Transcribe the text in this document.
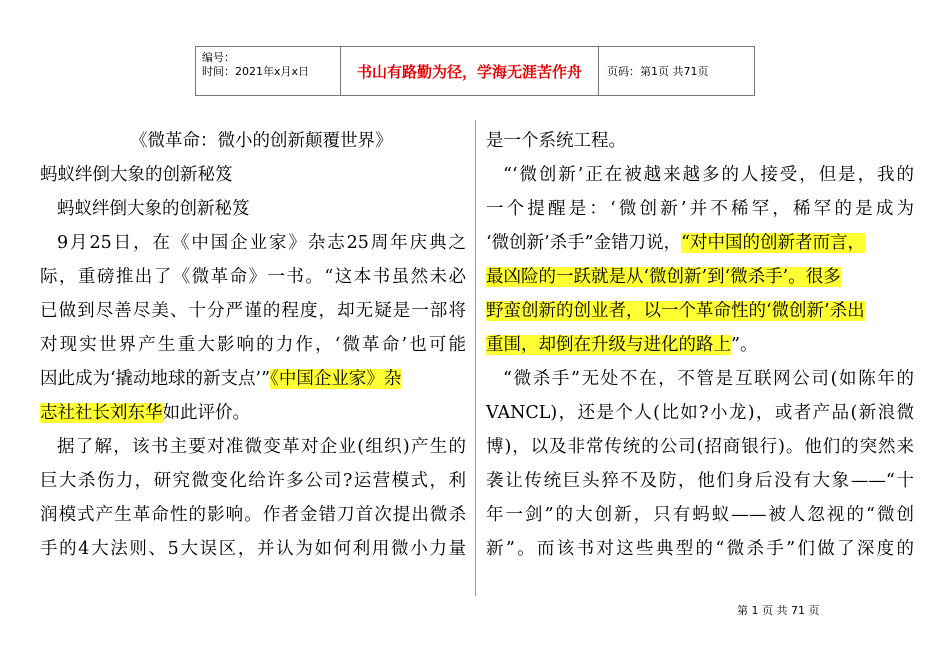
编号：
时间：2021年x月x日	书山有路勤为径，学海无涯苦作舟	页码：第1页 共71页
《微革命：微小的创新颠覆世界》
蚂蚁绊倒大象的创新秘笈
蚂蚁绊倒大象的创新秘笈
9月25日，在《中国企业家》杂志25周年庆典之
际，重磅推出了《微革命》一书。“这本书虽然未必
已做到尽善尽美、十分严谨的程度，却无疑是一部将
对现实世界产生重大影响的力作，‘微革命’也可能
因此成为‘撬动地球的新支点’”《中国企业家》杂
志社社长刘东华如此评价。
据了解，该书主要对准微变革对企业(组织)产生的
巨大杀伤力，研究微变化给许多公司?运营模式，利
润模式产生革命性的影响。作者金错刀首次提出微杀
手的4大法则、5大误区，并认为如何利用微小力量
是一个系统工程。
“‘微创新’正在被越来越多的人接受，但是，我的
一个提醒是：‘微创新’并不稀罕，稀罕的是成为
‘微创新’杀手”金错刀说，“对中国的创新者而言，
最凶险的一跃就是从‘微创新’到‘微杀手’。很多
野蛮创新的创业者，以一个革命性的‘微创新’杀出
重围，却倒在升级与进化的路上”。
“微杀手”无处不在，不管是互联网公司(如陈年的
VANCL)，还是个人(比如?小龙)，或者产品(新浪微
博)，以及非常传统的公司(招商银行)。他们的突然来
袭让传统巨头猝不及防，他们身后没有大象——“十
年一剑”的大创新，只有蚂蚁——被人忽视的“微创
新”。而该书对这些典型的“微杀手”们做了深度的
第 1 页 共 71 页
